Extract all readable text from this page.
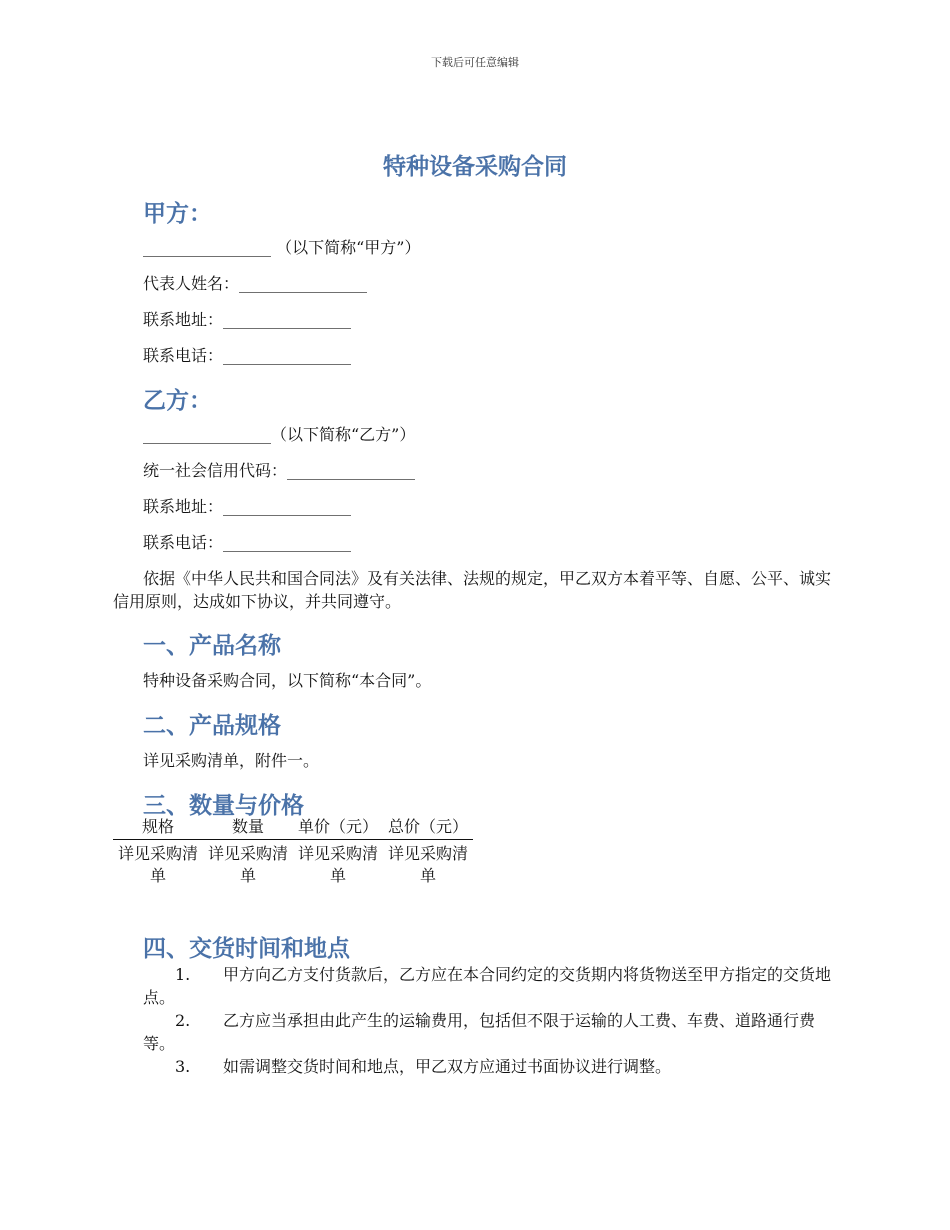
下载后可任意编辑
特种设备采购合同
甲方：
________________ （以下简称“甲方”）
代表人姓名：________________
联系地址：________________
联系电话：________________
乙方：
________________（以下简称“乙方”）
统一社会信用代码：________________
联系地址：________________
联系电话：________________
依据《中华人民共和国合同法》及有关法律、法规的规定，甲乙双方本着平等、自愿、公平、诚实信用原则，达成如下协议，并共同遵守。
一、产品名称
特种设备采购合同，以下简称“本合同”。
二、产品规格
详见采购清单，附件一。
三、数量与价格
规格	数量	单价（元）	总价（元）
详见采购清单	详见采购清单	详见采购清单	详见采购清单
四、交货时间和地点
1. 甲方向乙方支付货款后，乙方应在本合同约定的交货期内将货物送至甲方指定的交货地点。
2. 乙方应当承担由此产生的运输费用，包括但不限于运输的人工费、车费、道路通行费等。
3. 如需调整交货时间和地点，甲乙双方应通过书面协议进行调整。
